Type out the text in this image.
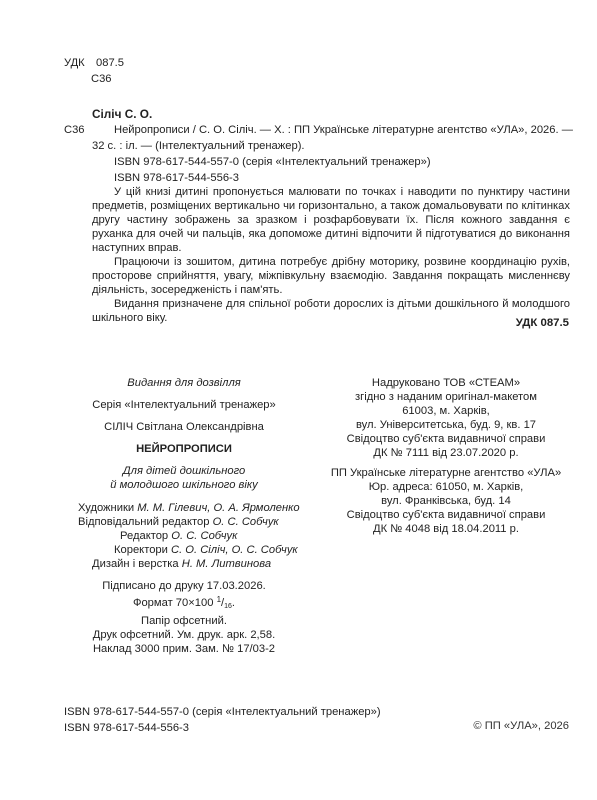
УДК 087.5
С36
Сіліч С. О.
С36	Нейропрописи / С. О. Сіліч. — Х. : ПП Українське літературне агентство «УЛА», 2026. —
32 с. : іл. — (Інтелектуальний тренажер).
ISBN 978-617-544-557-0 (серія «Інтелектуальний тренажер»)
ISBN 978-617-544-556-3

У цій книзі дитині пропонується малювати по точках і наводити по пунктиру частини предметів, розміщених вертикально чи горизонтально, а також домальовувати по клітинках другу частину зображень за зразком і розфарбовувати їх. Після кожного завдання є руханка для очей чи пальців, яка допоможе дитині відпочити й підготуватися до виконання наступних вправ.

Працюючи із зошитом, дитина потребує дрібну моторику, розвине координацію рухів, просторове сприйняття, увагу, міжпівкульну взаємодію. Завдання покращать мисленнєву діяльність, зосередженість і пам'ять.

Видання призначене для спільної роботи дорослих із дітьми дошкільного й молодшого шкільного віку.	УДК 087.5
Видання для дозвілля
Серія «Інтелектуальний тренажер»
СІЛІЧ Світлана Олександрівна
НЕЙРОПРОПИСИ
Для дітей дошкільного
й молодшого шкільного віку
Художники М. М. Гілевич, О. А. Ярмоленко
Відповідальний редактор О. С. Собчук
Редактор О. С. Собчук
Коректори С. О. Сіліч, О. С. Собчук
Дизайн і верстка Н. М. Литвинова
Підписано до друку 17.03.2026.
Формат 70×100 $^1/_{16}$.
Папір офсетний.
Друк офсетний. Ум. друк. арк. 2,58.
Наклад 3000 прим. Зам. № 17/03-2
Надруковано ТОВ «СТЕАМ»
згідно з наданим оригінал-макетом
61003, м. Харків,
вул. Університетська, буд. 9, кв. 17
Свідоцтво суб'єкта видавничої справи
ДК № 7111 від 23.07.2020 р.
ПП Українське літературне агентство «УЛА»
Юр. адреса: 61050, м. Харків,
вул. Франківська, буд. 14
Свідоцтво суб'єкта видавничої справи
ДК № 4048 від 18.04.2011 р.
ISBN 978-617-544-557-0 (серія «Інтелектуальний тренажер»)
ISBN 978-617-544-556-3	© ПП «УЛА», 2026
